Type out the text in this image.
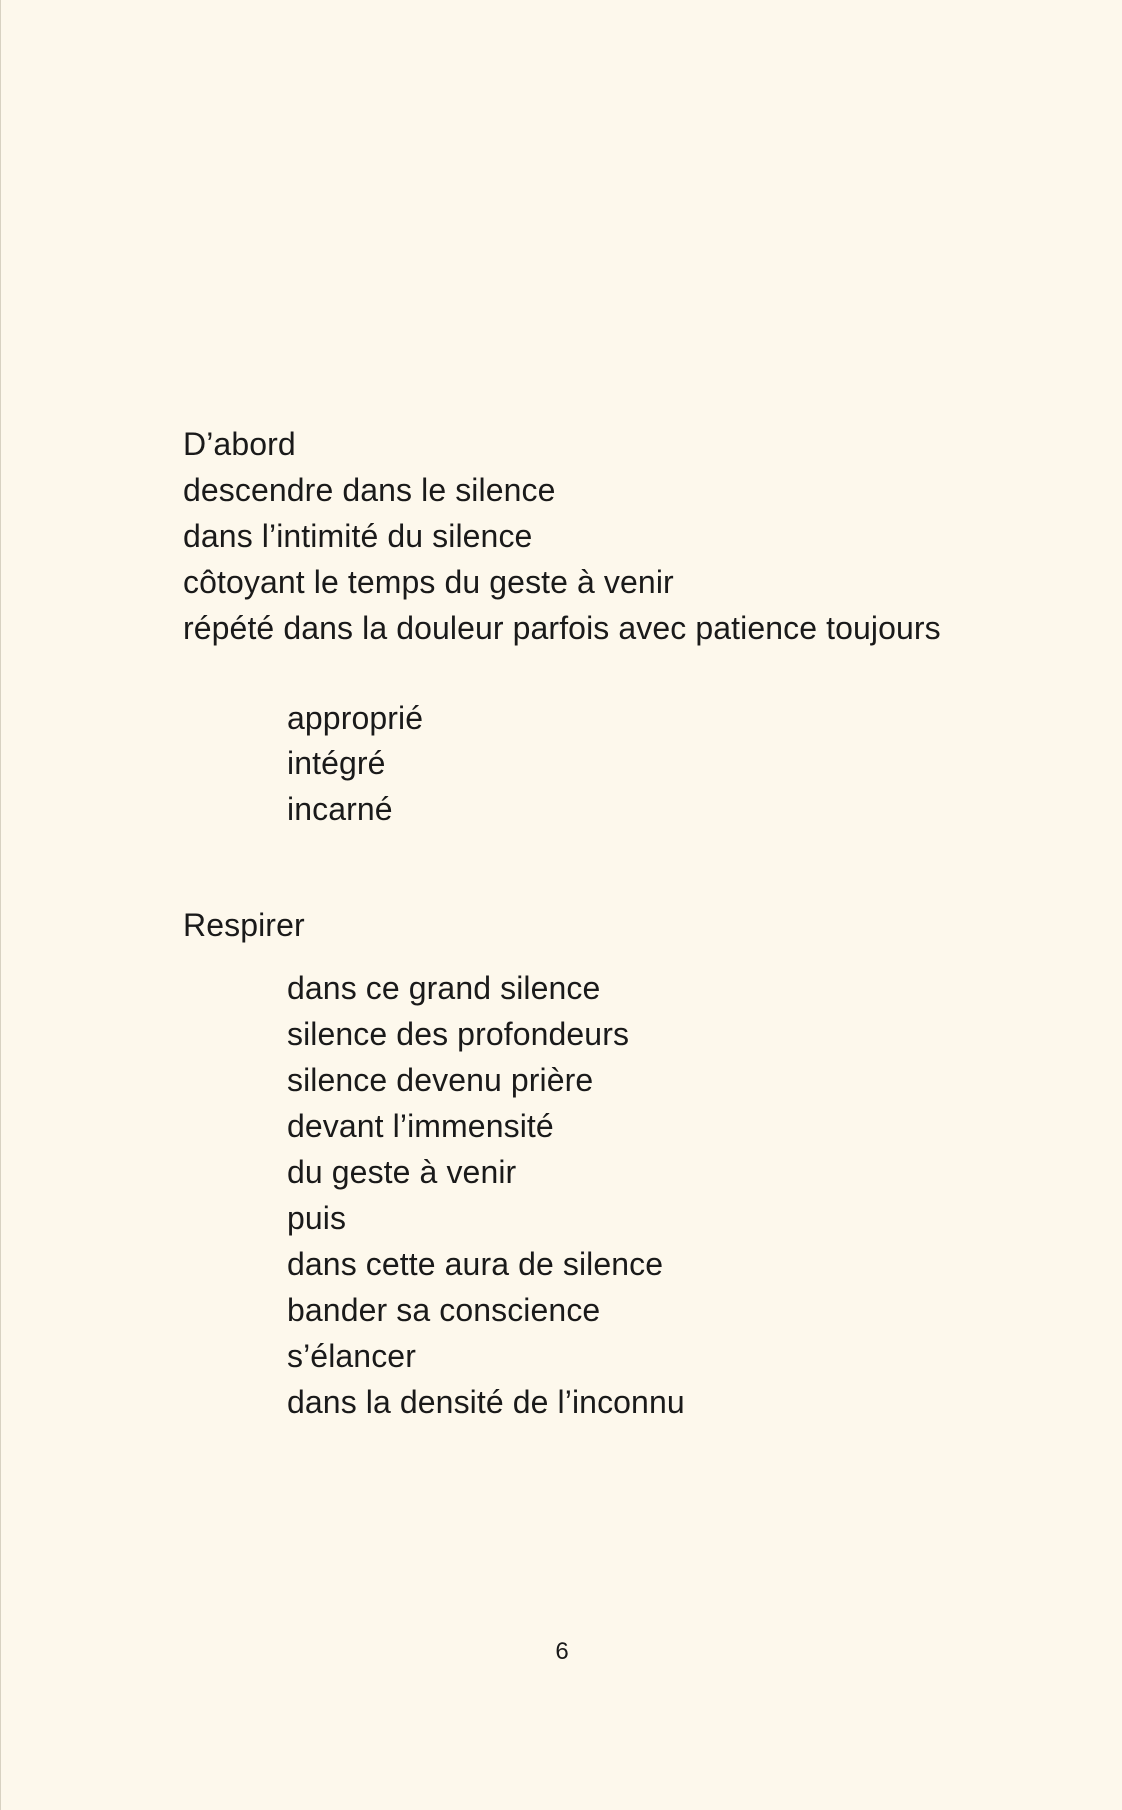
D’abord

descendre dans le silence

dans l’intimité du silence

côtoyant le temps du geste à venir

répété dans la douleur parfois avec patience toujours

approprié

intégré

incarné

Respirer

dans ce grand silence

silence des profondeurs

silence devenu prière

devant l’immensité

du geste à venir

puis

dans cette aura de silence

bander sa conscience

s’élancer

dans la densité de l’inconnu

6
